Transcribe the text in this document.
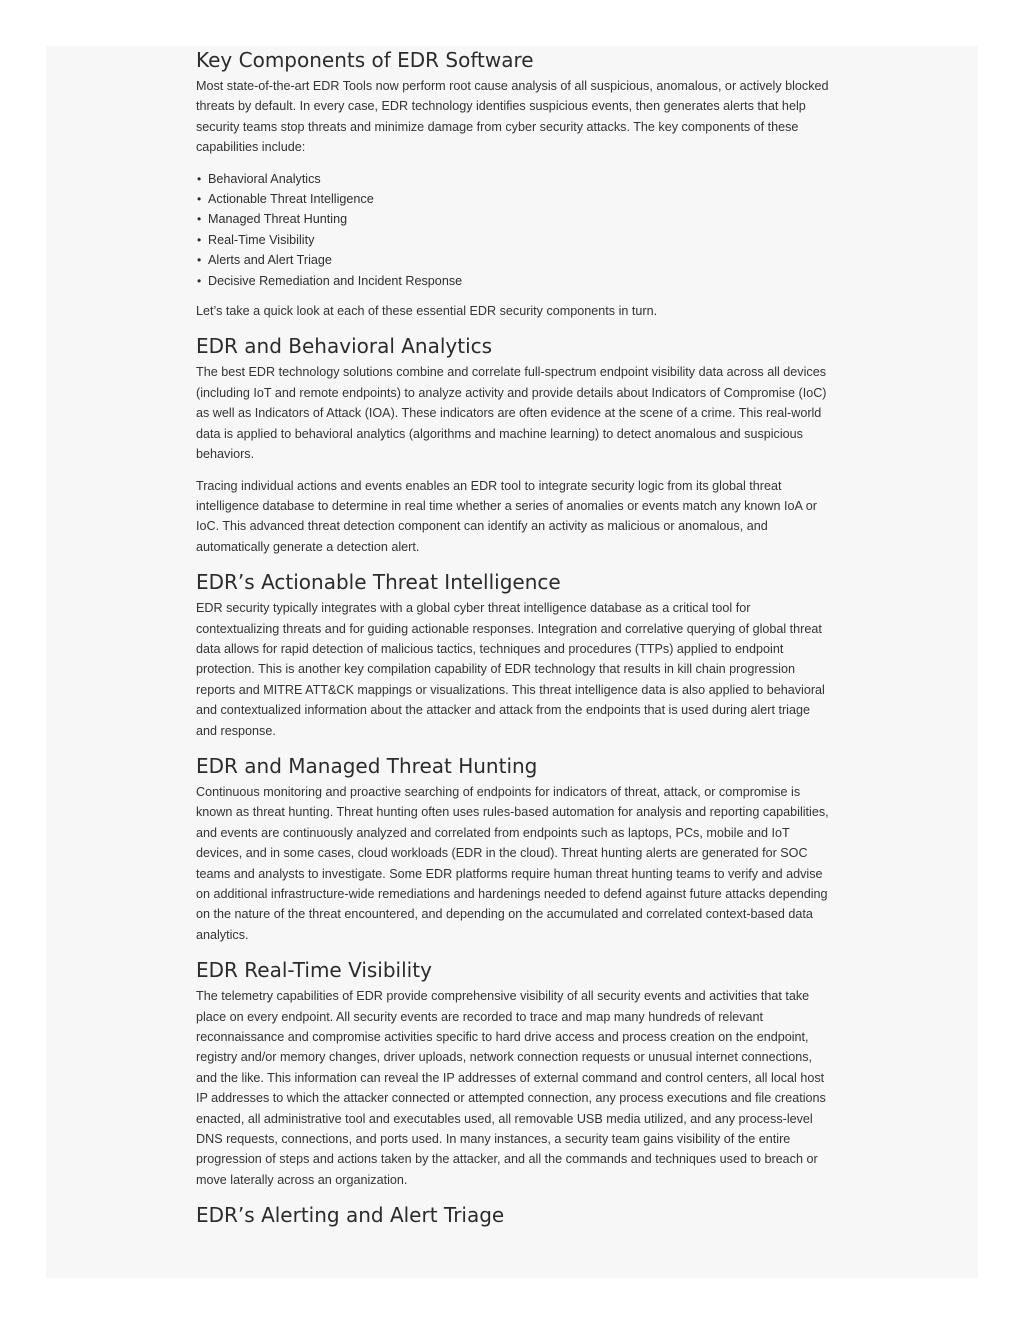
Key Components of EDR Software

Most state-of-the-art EDR Tools now perform root cause analysis of all suspicious, anomalous, or actively blocked threats by default. In every case, EDR technology identifies suspicious events, then generates alerts that help security teams stop threats and minimize damage from cyber security attacks. The key components of these capabilities include:

• Behavioral Analytics
• Actionable Threat Intelligence
• Managed Threat Hunting
• Real-Time Visibility
• Alerts and Alert Triage
• Decisive Remediation and Incident Response

Let’s take a quick look at each of these essential EDR security components in turn.

EDR and Behavioral Analytics

The best EDR technology solutions combine and correlate full-spectrum endpoint visibility data across all devices (including IoT and remote endpoints) to analyze activity and provide details about Indicators of Compromise (IoC) as well as Indicators of Attack (IOA). These indicators are often evidence at the scene of a crime. This real-world data is applied to behavioral analytics (algorithms and machine learning) to detect anomalous and suspicious behaviors.

Tracing individual actions and events enables an EDR tool to integrate security logic from its global threat intelligence database to determine in real time whether a series of anomalies or events match any known IoA or IoC. This advanced threat detection component can identify an activity as malicious or anomalous, and automatically generate a detection alert.

EDR’s Actionable Threat Intelligence

EDR security typically integrates with a global cyber threat intelligence database as a critical tool for contextualizing threats and for guiding actionable responses. Integration and correlative querying of global threat data allows for rapid detection of malicious tactics, techniques and procedures (TTPs) applied to endpoint protection. This is another key compilation capability of EDR technology that results in kill chain progression reports and MITRE ATT&CK mappings or visualizations. This threat intelligence data is also applied to behavioral and contextualized information about the attacker and attack from the endpoints that is used during alert triage and response.

EDR and Managed Threat Hunting

Continuous monitoring and proactive searching of endpoints for indicators of threat, attack, or compromise is known as threat hunting. Threat hunting often uses rules-based automation for analysis and reporting capabilities, and events are continuously analyzed and correlated from endpoints such as laptops, PCs, mobile and IoT devices, and in some cases, cloud workloads (EDR in the cloud). Threat hunting alerts are generated for SOC teams and analysts to investigate. Some EDR platforms require human threat hunting teams to verify and advise on additional infrastructure-wide remediations and hardenings needed to defend against future attacks depending on the nature of the threat encountered, and depending on the accumulated and correlated context-based data analytics.

EDR Real-Time Visibility

The telemetry capabilities of EDR provide comprehensive visibility of all security events and activities that take place on every endpoint. All security events are recorded to trace and map many hundreds of relevant reconnaissance and compromise activities specific to hard drive access and process creation on the endpoint, registry and/or memory changes, driver uploads, network connection requests or unusual internet connections, and the like. This information can reveal the IP addresses of external command and control centers, all local host IP addresses to which the attacker connected or attempted connection, any process executions and file creations enacted, all administrative tool and executables used, all removable USB media utilized, and any process-level DNS requests, connections, and ports used. In many instances, a security team gains visibility of the entire progression of steps and actions taken by the attacker, and all the commands and techniques used to breach or move laterally across an organization.

EDR’s Alerting and Alert Triage
